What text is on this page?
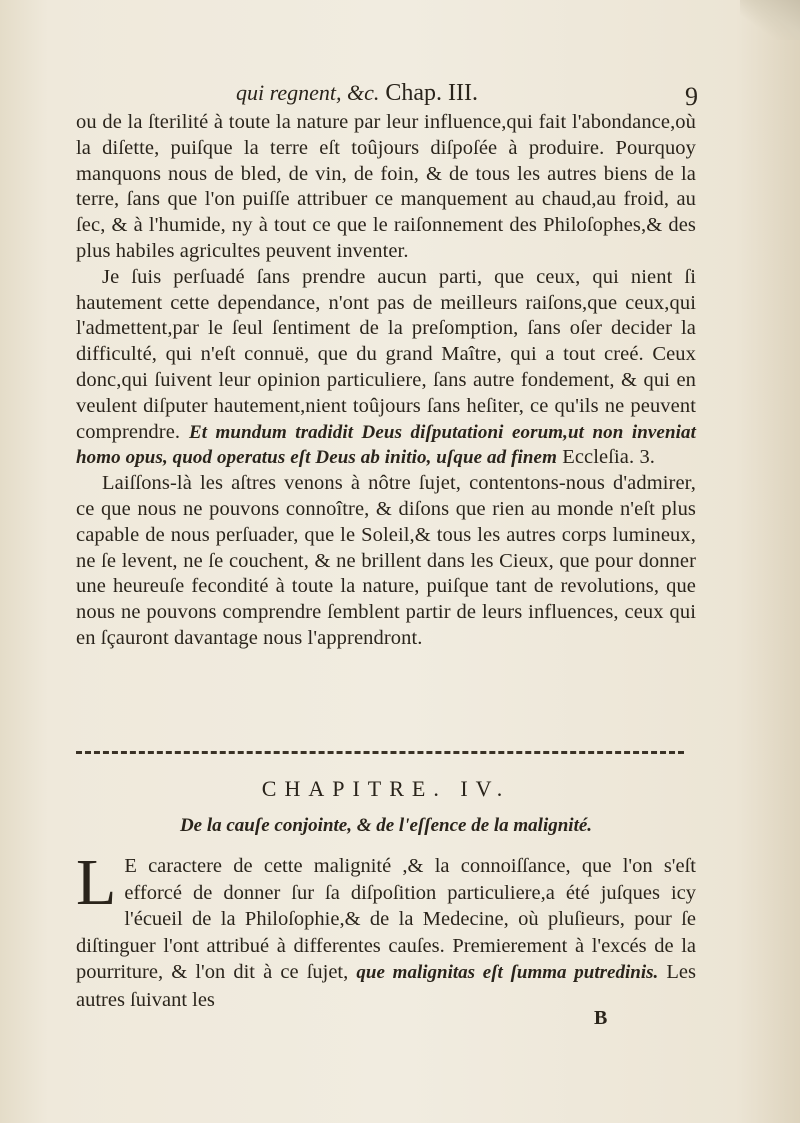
qui regnent, &c. Chap. III.	9

ou de la ſterilité à toute la nature par leur influence,qui fait l'abondance,où la diſette, puiſque la terre eſt toûjours diſpoſée à produire. Pourquoy manquons nous de bled, de vin, de foin, & de tous les autres biens de la terre, ſans que l'on puiſſe attribuer ce manquement au chaud,au froid, au ſec, & à l'humide, ny à tout ce que le raiſonnement des Philoſophes,& des plus habiles agricultes peuvent inventer.

Je ſuis perſuadé ſans prendre aucun parti, que ceux, qui nient ſi hautement cette dependance, n'ont pas de meilleurs raiſons,que ceux,qui l'admettent,par le ſeul ſentiment de la preſomption, ſans oſer decider la difficulté, qui n'eſt connuë, que du grand Maître, qui a tout creé. Ceux donc,qui ſuivent leur opinion particuliere, ſans autre fondement, & qui en veulent diſputer hautement,nient toûjours ſans heſiter, ce qu'ils ne peuvent comprendre. Et mundum tradidit Deus diſputationi eorum,ut non inveniat homo opus, quod operatus eſt Deus ab initio, uſque ad finem Eccleſia. 3.

Laiſſons-là les aſtres venons à nôtre ſujet, contentons-nous d'admirer, ce que nous ne pouvons connoître, & diſons que rien au monde n'eſt plus capable de nous perſuader, que le Soleil,& tous les autres corps lumineux, ne ſe levent, ne ſe couchent, & ne brillent dans les Cieux, que pour donner une heureuſe fecondité à toute la nature, puiſque tant de revolutions, que nous ne pouvons comprendre ſemblent partir de leurs influences, ceux qui en ſçauront davantage nous l'apprendront.

CHAPITRE. IV.
De la cauſe conjointe, & de l'eſſence de la malignité.

L E caractere de cette malignité ,& la connoiſſance, que l'on s'eſt efforcé de donner ſur ſa diſpoſition particuliere,a été juſques icy l'écueil de la Philoſophie,& de la Medecine, où pluſieurs, pour ſe diſtinguer l'ont attribué à differentes cauſes. Premierement à l'excés de la pourriture, & l'on dit à ce ſujet, que malignitas eſt ſumma putredinis. Les autres ſuivant les

B
